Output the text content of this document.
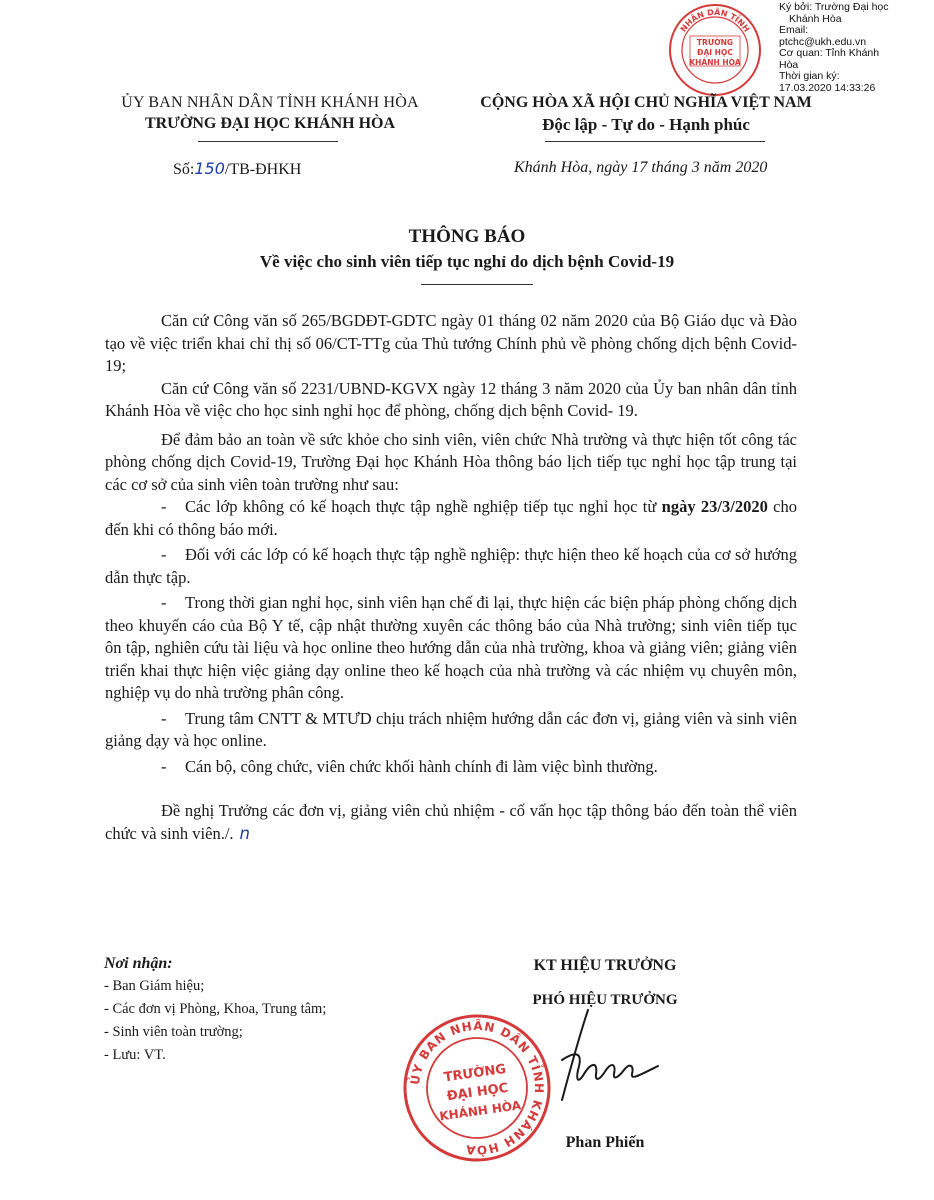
Ký bởi: Trường Đại học
Khánh Hòa
Email:
ptchc@ukh.edu.vn
Cơ quan: Tỉnh Khánh
Hòa
Thời gian ký:
17.03.2020 14:33:26
NHÂN DÂN TỈNH
TRƯỜNG
ĐẠI HỌC
KHÁNH HÒA
ỦY BAN NHÂN DÂN TỈNH KHÁNH HÒA
TRƯỜNG ĐẠI HỌC KHÁNH HÒA
CỘNG HÒA XÃ HỘI CHỦ NGHĨA VIỆT NAM
Độc lập - Tự do - Hạnh phúc
Số:150/TB-ĐHKH	Khánh Hòa, ngày 17 tháng 3 năm 2020
THÔNG BÁO
Về việc cho sinh viên tiếp tục nghỉ do dịch bệnh Covid-19

Căn cứ Công văn số 265/BGDĐT-GDTC ngày 01 tháng 02 năm 2020 của Bộ Giáo dục và Đào tạo về việc triển khai chỉ thị số 06/CT-TTg của Thủ tướng Chính phủ về phòng chống dịch bệnh Covid-19;

Căn cứ Công văn số 2231/UBND-KGVX ngày 12 tháng 3 năm 2020 của Ủy ban nhân dân tỉnh Khánh Hòa về việc cho học sinh nghỉ học để phòng, chống dịch bệnh Covid- 19.

Để đảm bảo an toàn về sức khỏe cho sinh viên, viên chức Nhà trường và thực hiện tốt công tác phòng chống dịch Covid-19, Trường Đại học Khánh Hòa thông báo lịch tiếp tục nghỉ học tập trung tại các cơ sở của sinh viên toàn trường như sau:

- Các lớp không có kế hoạch thực tập nghề nghiệp tiếp tục nghỉ học từ ngày 23/3/2020 cho đến khi có thông báo mới.

- Đối với các lớp có kế hoạch thực tập nghề nghiệp: thực hiện theo kế hoạch của cơ sở hướng dẫn thực tập.

- Trong thời gian nghỉ học, sinh viên hạn chế đi lại, thực hiện các biện pháp phòng chống dịch theo khuyến cáo của Bộ Y tế, cập nhật thường xuyên các thông báo của Nhà trường; sinh viên tiếp tục ôn tập, nghiên cứu tài liệu và học online theo hướng dẫn của nhà trường, khoa và giảng viên; giảng viên triển khai thực hiện việc giảng dạy online theo kế hoạch của nhà trường và các nhiệm vụ chuyên môn, nghiệp vụ do nhà trường phân công.

- Trung tâm CNTT & MTƯD chịu trách nhiệm hướng dẫn các đơn vị, giảng viên và sinh viên giảng dạy và học online.

- Cán bộ, công chức, viên chức khối hành chính đi làm việc bình thường.

Đề nghị Trưởng các đơn vị, giảng viên chủ nhiệm - cố vấn học tập thông báo đến toàn thể viên chức và sinh viên./. n

Nơi nhận:
- Ban Giám hiệu;
- Các đơn vị Phòng, Khoa, Trung tâm;
- Sinh viên toàn trường;
- Lưu: VT.
KT HIỆU TRƯỞNG
PHÓ HIỆU TRƯỞNG
ỦY BAN NHÂN DÂN TỈNH KHÁNH HÒA
TRƯỜNG
ĐẠI HỌC
KHÁNH HÒA
Phan Phiến
